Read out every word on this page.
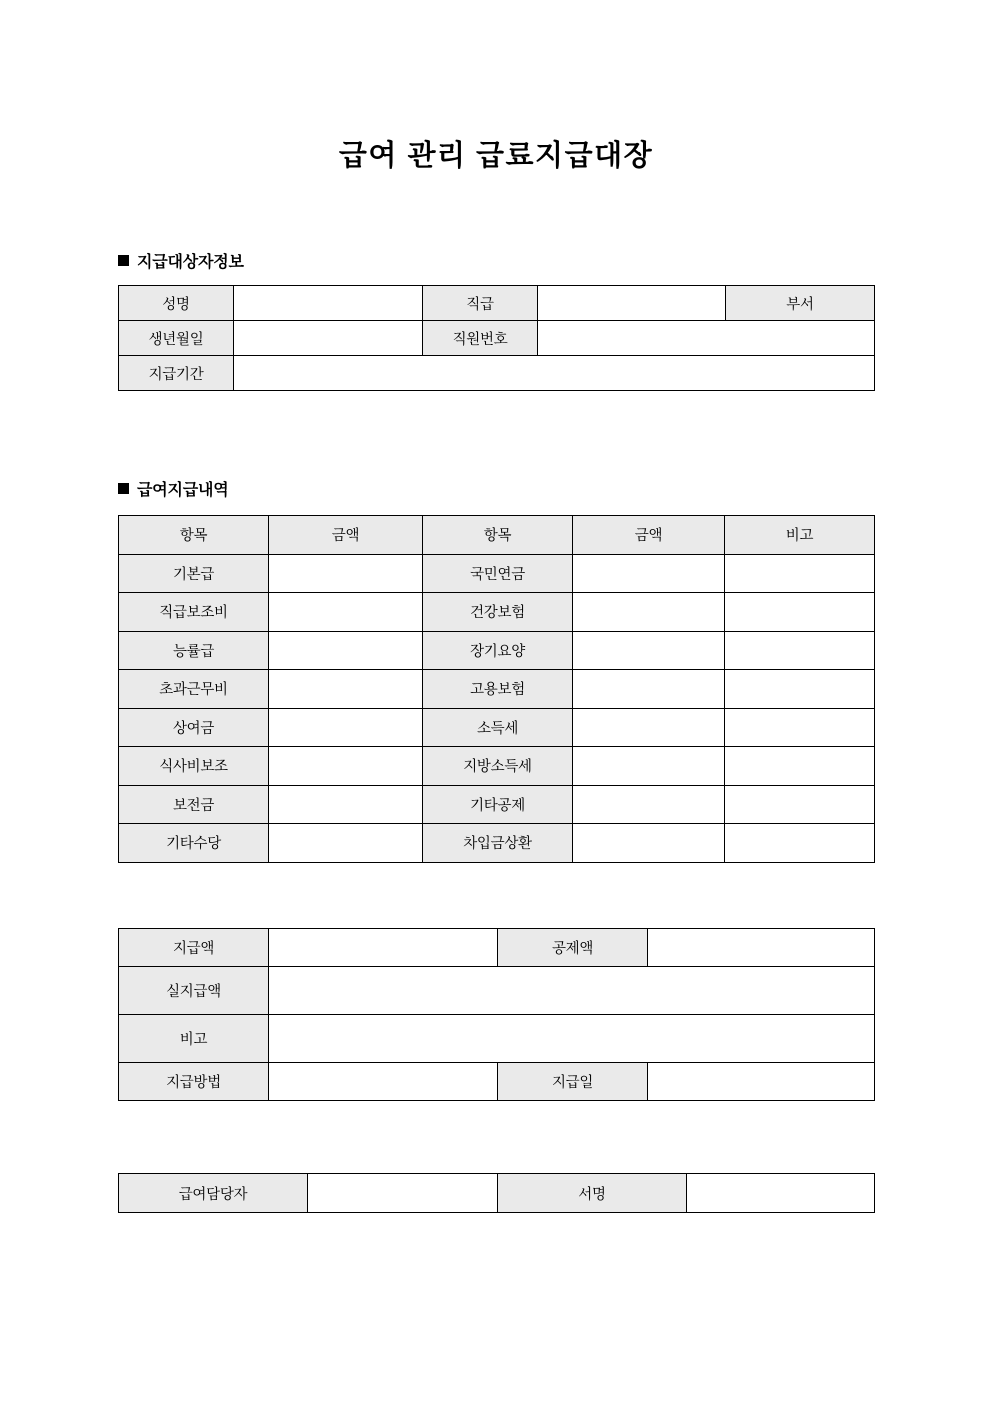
급여 관리 급료지급대장
지급대상자정보
성명		직급		부서
생년월일		직원번호		
지급기간				
급여지급내역
항목	금액	항목	금액	비고
기본급		국민연금		
직급보조비		건강보험		
능률급		장기요양		
초과근무비		고용보험		
상여금		소득세		
식사비보조		지방소득세		
보전금		기타공제		
기타수당		차입금상환		
지급액		공제액	
실지급액			
비고			
지급방법		지급일	
급여담당자		서명	
